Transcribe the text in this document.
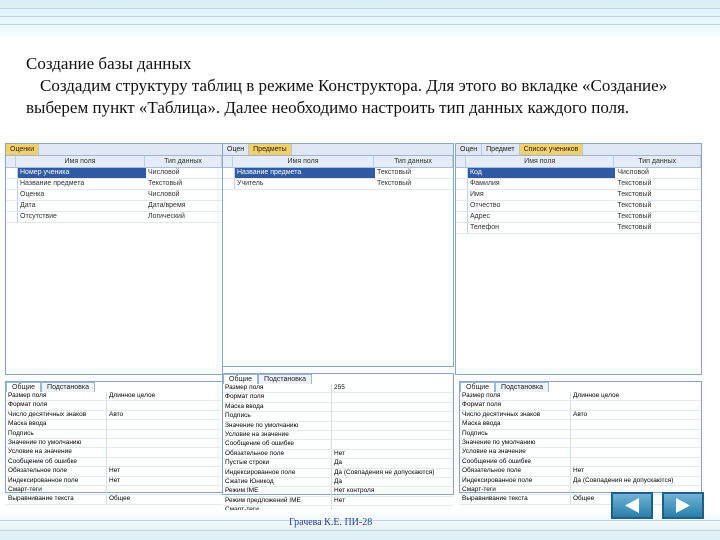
Создание базы данных
Создадим структуру таблиц в режиме Конструктора. Для этого во вкладке «Создание» выберем пункт «Таблица». Далее необходимо настроить тип данных каждого поля.
Оценки
Имя поля	Тип данных
Номер ученика	Числовой
Название предмета	Текстовый
Оценка	Числовой
Дата	Дата/время
Отсутствие	Логический
Общие	Подстановка
Размер поля	Длинное целое
Формат поля
Число десятичных знаков	Авто
Маска ввода
Подпись
Значение по умолчанию
Условие на значение
Сообщение об ошибке
Обязательное поле	Нет
Индексированное поле	Нет
Смарт-теги
Выравнивание текста	Общее
Оцен	Предметы
Имя поля	Тип данных
Название предмета	Текстовый
Учитель	Текстовый
Общие	Подстановка
Размер поля	255
Формат поля
Маска ввода
Подпись
Значение по умолчанию
Условие на значение
Сообщение об ошибке
Обязательное поле	Нет
Пустые строки	Да
Индексированное поле	Да (Совпадения не допускаются)
Сжатие Юникод	Да
Режим IME	Нет контроля
Режим предложений IME	Нет
Оцен	Предмет	Список учеников
Имя поля	Тип данных
Код	Числовой
Фамилия	Текстовый
Имя	Текстовый
Отчество	Текстовый
Адрес	Текстовый
Телефон	Текстовый
Общие	Подстановка
Размер поля	Длинное целое
Формат поля
Число десятичных знаков	Авто
Маска ввода
Подпись
Значение по умолчанию
Условие на значение
Сообщение об ошибке
Обязательное поле	Нет
Индексированное поле	Да (Совпадения не допускаются)
Смарт-теги
Выравнивание текста	Общее
Грачева К.Е. ПИ-28
